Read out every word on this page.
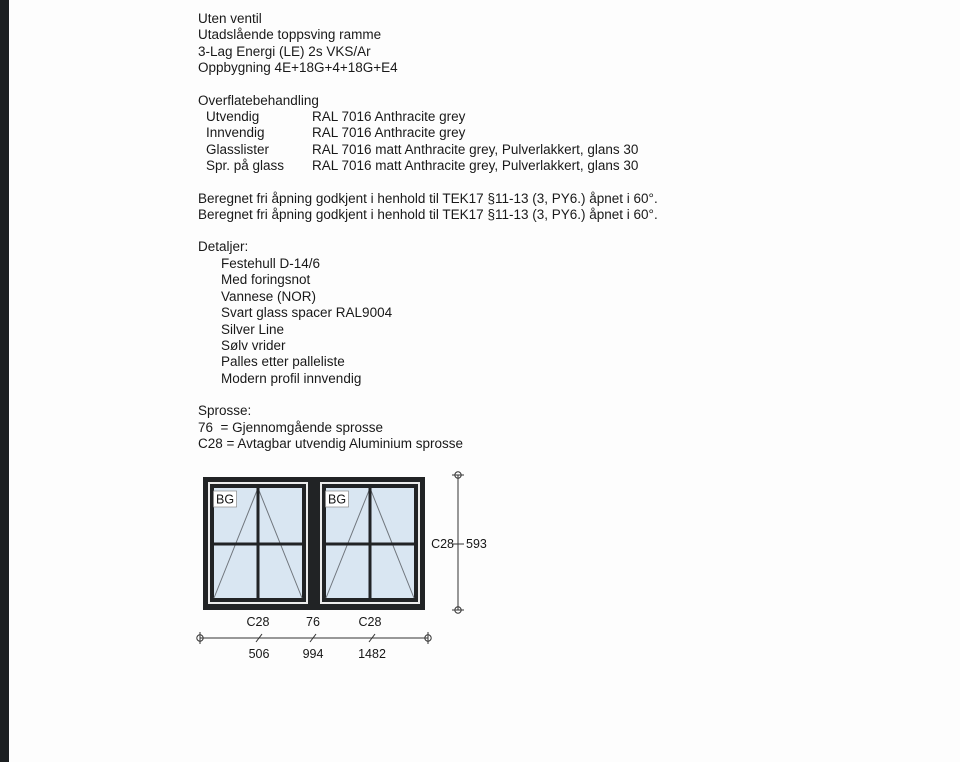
Uten ventil
Utadslående toppsving ramme
3-Lag Energi (LE) 2s VKS/Ar
Oppbygning 4E+18G+4+18G+E4
Overflatebehandling
Utvendig	RAL 7016 Anthracite grey
Innvendig	RAL 7016 Anthracite grey
Glasslister	RAL 7016 matt Anthracite grey, Pulverlakkert, glans 30
Spr. på glass	RAL 7016 matt Anthracite grey, Pulverlakkert, glans 30
Beregnet fri åpning godkjent i henhold til TEK17 §11-13 (3, PY6.) åpnet i 60°.
Beregnet fri åpning godkjent i henhold til TEK17 §11-13 (3, PY6.) åpnet i 60°.
Detaljer:
Festehull D-14/6
Med foringsnot
Vannese (NOR)
Svart glass spacer RAL9004
Silver Line
Sølv vrider
Palles etter palleliste
Modern profil innvendig
Sprosse:
76  = Gjennomgående sprosse
C28 = Avtagbar utvendig Aluminium sprosse
BG	BG
C28 593
C28	76	C28
506	994	1482
